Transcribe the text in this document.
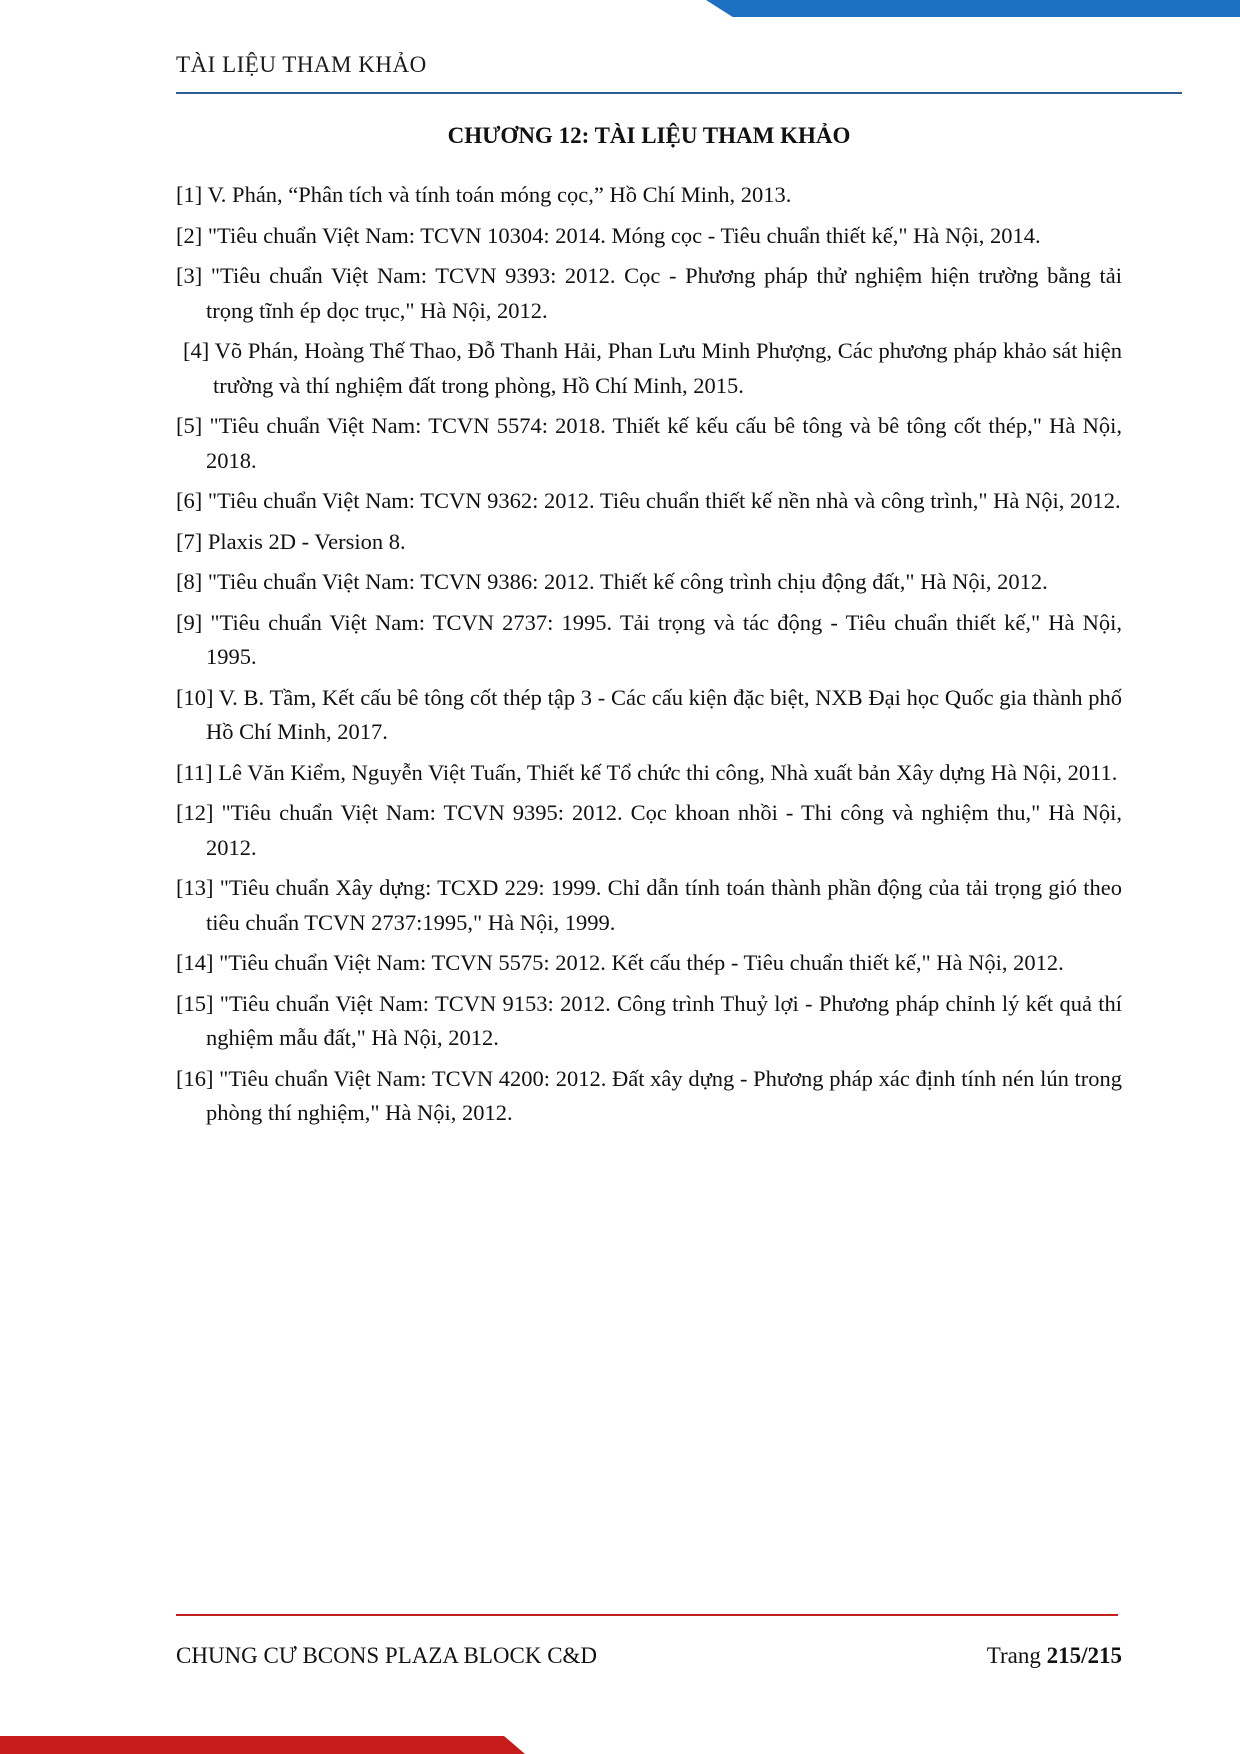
TÀI LIỆU THAM KHẢO
CHƯƠNG 12: TÀI LIỆU THAM KHẢO
[1] V. Phán, “Phân tích và tính toán móng cọc,” Hồ Chí Minh, 2013.
[2] "Tiêu chuẩn Việt Nam: TCVN 10304: 2014. Móng cọc - Tiêu chuẩn thiết kế," Hà Nội, 2014.
[3] "Tiêu chuẩn Việt Nam: TCVN 9393: 2012. Cọc - Phương pháp thử nghiệm hiện trường bằng tải trọng tĩnh ép dọc trục," Hà Nội, 2012.
[4] Võ Phán, Hoàng Thế Thao, Đỗ Thanh Hải, Phan Lưu Minh Phượng, Các phương pháp khảo sát hiện trường và thí nghiệm đất trong phòng, Hồ Chí Minh, 2015.
[5] "Tiêu chuẩn Việt Nam: TCVN 5574: 2018. Thiết kế kếu cấu bê tông và bê tông cốt thép," Hà Nội, 2018.
[6] "Tiêu chuẩn Việt Nam: TCVN 9362: 2012. Tiêu chuẩn thiết kế nền nhà và công trình," Hà Nội, 2012.
[7] Plaxis 2D - Version 8.
[8] "Tiêu chuẩn Việt Nam: TCVN 9386: 2012. Thiết kế công trình chịu động đất," Hà Nội, 2012.
[9] "Tiêu chuẩn Việt Nam: TCVN 2737: 1995. Tải trọng và tác động - Tiêu chuẩn thiết kế," Hà Nội, 1995.
[10] V. B. Tầm, Kết cấu bê tông cốt thép tập 3 - Các cấu kiện đặc biệt, NXB Đại học Quốc gia thành phố Hồ Chí Minh, 2017.
[11] Lê Văn Kiểm, Nguyễn Việt Tuấn, Thiết kế Tổ chức thi công, Nhà xuất bản Xây dựng Hà Nội, 2011.
[12] "Tiêu chuẩn Việt Nam: TCVN 9395: 2012. Cọc khoan nhồi - Thi công và nghiệm thu," Hà Nội, 2012.
[13] "Tiêu chuẩn Xây dựng: TCXD 229: 1999. Chỉ dẫn tính toán thành phần động của tải trọng gió theo tiêu chuẩn TCVN 2737:1995," Hà Nội, 1999.
[14] "Tiêu chuẩn Việt Nam: TCVN 5575: 2012. Kết cấu thép - Tiêu chuẩn thiết kế," Hà Nội, 2012.
[15] "Tiêu chuẩn Việt Nam: TCVN 9153: 2012. Công trình Thuỷ lợi - Phương pháp chỉnh lý kết quả thí nghiệm mẫu đất," Hà Nội, 2012.
[16] "Tiêu chuẩn Việt Nam: TCVN 4200: 2012. Đất xây dựng - Phương pháp xác định tính nén lún trong phòng thí nghiệm," Hà Nội, 2012.
CHUNG CƯ BCONS PLAZA BLOCK C&D	Trang 215/215
